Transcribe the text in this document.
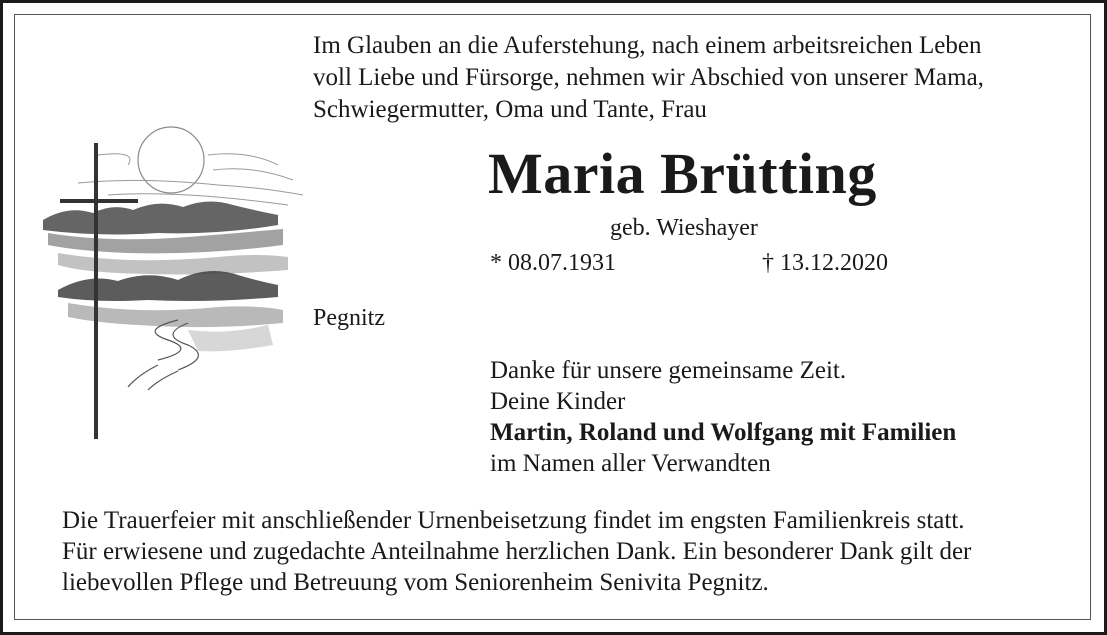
Im Glauben an die Auferstehung, nach einem arbeitsreichen Leben
voll Liebe und Fürsorge, nehmen wir Abschied von unserer Mama,
Schwiegermutter, Oma und Tante, Frau
Maria Brütting
geb. Wieshayer
* 08.07.1931	† 13.12.2020
Pegnitz
Danke für unsere gemeinsame Zeit.
Deine Kinder
Martin, Roland und Wolfgang mit Familien
im Namen aller Verwandten
Die Trauerfeier mit anschließender Urnenbeisetzung findet im engsten Familienkreis statt.
Für erwiesene und zugedachte Anteilnahme herzlichen Dank. Ein besonderer Dank gilt der
liebevollen Pflege und Betreuung vom Seniorenheim Senivita Pegnitz.
